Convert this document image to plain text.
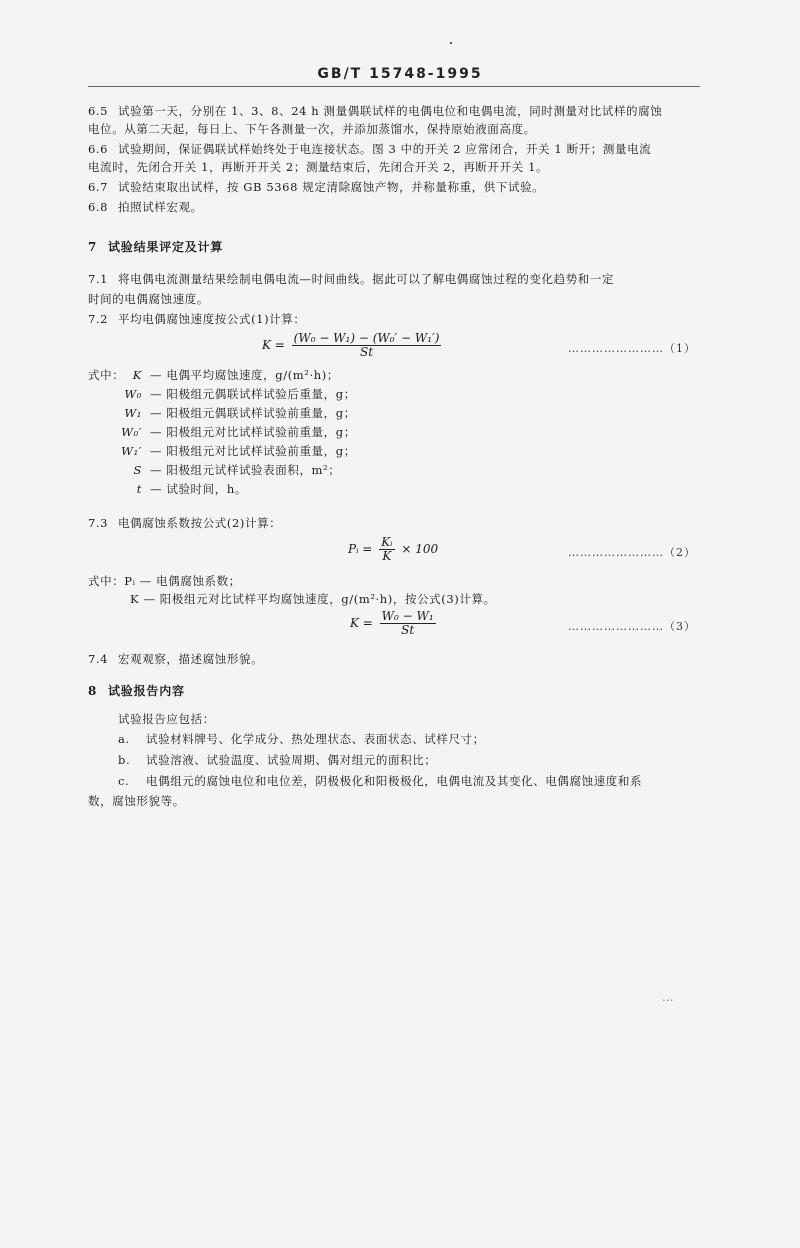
GB/T 15748-1995
6.5 试验第一天，分别在 1、3、8、24 h 测量偶联试样的电偶电位和电偶电流，同时测量对比试样的腐蚀
电位。从第二天起，每日上、下午各测量一次，并添加蒸馏水，保持原始液面高度。
6.6 试验期间，保证偶联试样始终处于电连接状态。图 3 中的开关 2 应常闭合，开关 1 断开；测量电流
电流时，先闭合开关 1，再断开开关 2；测量结束后，先闭合开关 2，再断开开关 1。
6.7 试验结束取出试样，按 GB 5368 规定清除腐蚀产物，并称量称重，供下试验。
6.8 拍照试样宏观。
7 试验结果评定及计算
7.1 将电偶电流测量结果绘制电偶电流—时间曲线。据此可以了解电偶腐蚀过程的变化趋势和一定
时间的电偶腐蚀速度。
7.2 平均电偶腐蚀速度按公式(1)计算：
$K = \frac{\text{(W₀ − W₁) − (W₀′ − W₁′)}}{St}$	……………………（1）
式中： K — 电偶平均腐蚀速度，g/(m²·h)；
W₀ — 阳极组元偶联试样试验后重量，g；
W₁ — 阳极组元偶联试样试验前重量，g；
W₀′ — 阳极组元对比试样试验前重量，g；
W₁′ — 阳极组元对比试样试验前重量，g；
S — 阳极组元试样试验表面积，m²；
t — 试验时间，h。
7.3 电偶腐蚀系数按公式(2)计算：
Pᵢ = $\frac{\text{Kᵢ}}{K} \times 100$	……………………（2）
式中：Pᵢ — 电偶腐蚀系数；
K — 阳极组元对比试样平均腐蚀速度，g/(m²·h)，按公式(3)计算。
$K = \frac{\text{W₀ − W₁}}{St}$	……………………（3）
7.4 宏观观察，描述腐蚀形貌。
8 试验报告内容
试验报告应包括：
a. 试验材料牌号、化学成分、热处理状态、表面状态、试样尺寸；
b. 试验溶液、试验温度、试验周期、偶对组元的面积比；
c. 电偶组元的腐蚀电位和电位差，阴极极化和阳极极化，电偶电流及其变化、电偶腐蚀速度和系
数，腐蚀形貌等。
…
